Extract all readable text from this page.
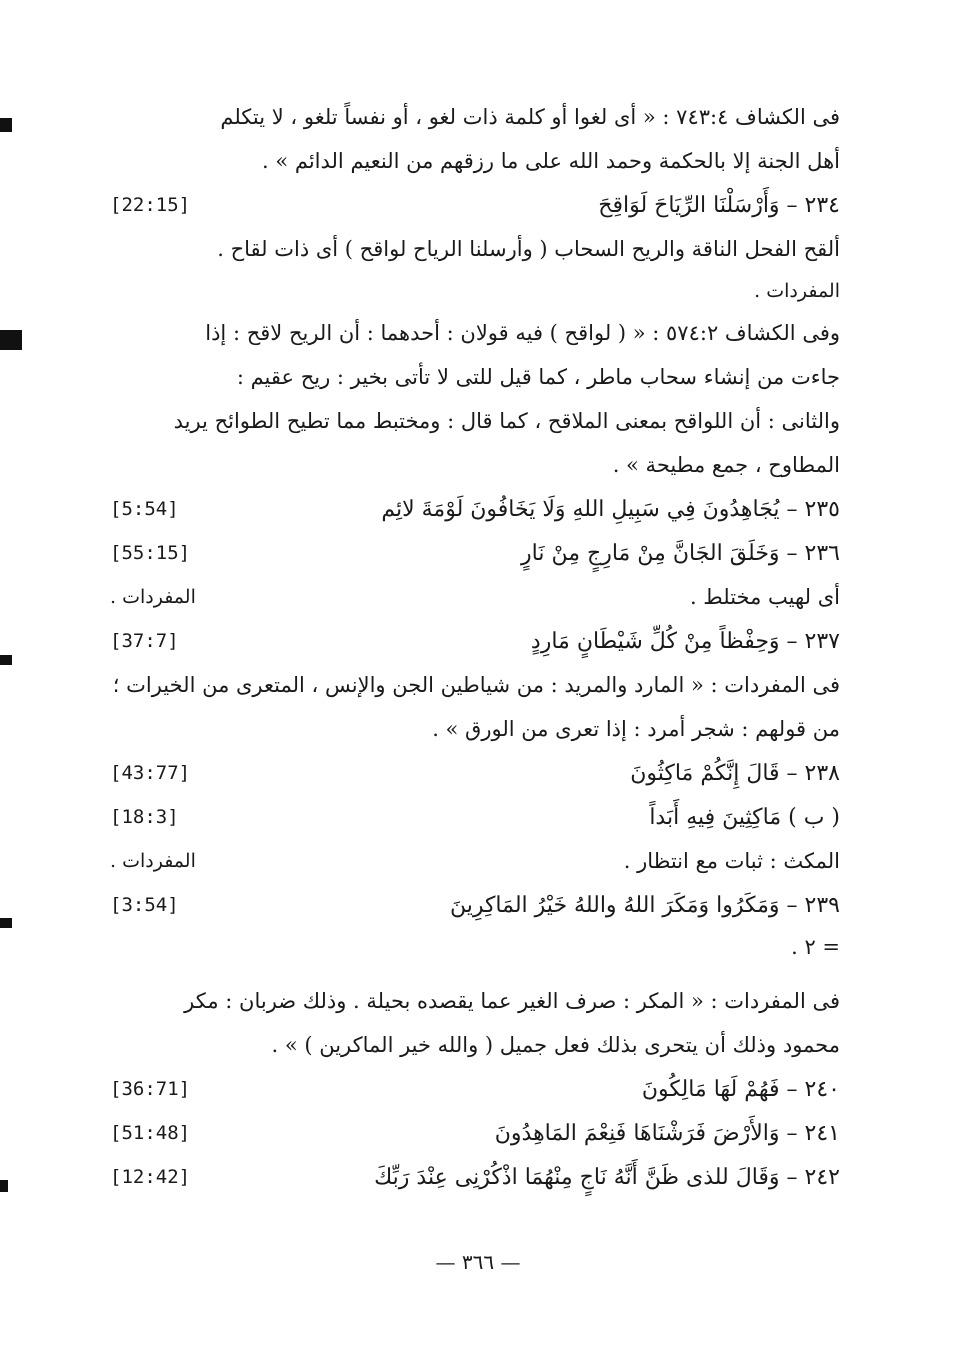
فى الكشاف ٧٤٣:٤ : « أى لغوا أو كلمة ذات لغو ، أو نفساً تلغو ، لا يتكلم
أهل الجنة إلا بالحكمة وحمد الله على ما رزقهم من النعيم الدائم » .
٢٣٤ – وَأَرْسَلْنَا الرِّيَاحَ لَوَاقِحَ
[22:15]
ألقح الفحل الناقة والريح السحاب ( وأرسلنا الرياح لواقح ) أى ذات لقاح .
المفردات .
وفى الكشاف ٥٧٤:٢ : « ( لواقح ) فيه قولان : أحدهما : أن الريح لاقح : إذا
جاءت من إنشاء سحاب ماطر ، كما قيل للتى لا تأتى بخير : ريح عقيم :
والثانى : أن اللواقح بمعنى الملاقح ، كما قال : ومختبط مما تطيح الطوائح يريد
المطاوح ، جمع مطيحة » .
٢٣٥ – يُجَاهِدُونَ فِي سَبِيلِ اللهِ وَلَا يَخَافُونَ لَوْمَةَ لائِم
[5:54]
٢٣٦ – وَخَلَقَ الجَانَّ مِنْ مَارِجٍ مِنْ نَارٍ
[55:15]
أى لهيب مختلط .
المفردات .
٢٣٧ – وَحِفْظاً مِنْ كُلِّ شَيْطَانٍ مَارِدٍ
[37:7]
فى المفردات : « المارد والمريد : من شياطين الجن والإنس ، المتعرى من الخيرات ؛
من قولهم : شجر أمرد : إذا تعرى من الورق » .
٢٣٨ – قَالَ إِنَّكُمْ مَاكِثُونَ
[43:77]
( ب ) مَاكِثِينَ فِيهِ أَبَداً
[18:3]
المكث : ثبات مع انتظار .
المفردات .
٢٣٩ – وَمَكَرُوا وَمَكَرَ اللهُ واللهُ خَيْرُ المَاكِرِينَ
[3:54]
= ٢ .
فى المفردات : « المكر : صرف الغير عما يقصده بحيلة . وذلك ضربان : مكر
محمود وذلك أن يتحرى بذلك فعل جميل ( والله خير الماكرين ) » .
٢٤٠ – فَهُمْ لَهَا مَالِكُونَ
[36:71]
٢٤١ – وَالأَرْضَ فَرَشْنَاهَا فَنِعْمَ المَاهِدُونَ
[51:48]
٢٤٢ – وَقَالَ للذى ظَنَّ أَنَّهُ نَاجٍ مِنْهُمَا اذْكُرْنِى عِنْدَ رَبِّكَ
[12:42]
— ٣٦٦ —
